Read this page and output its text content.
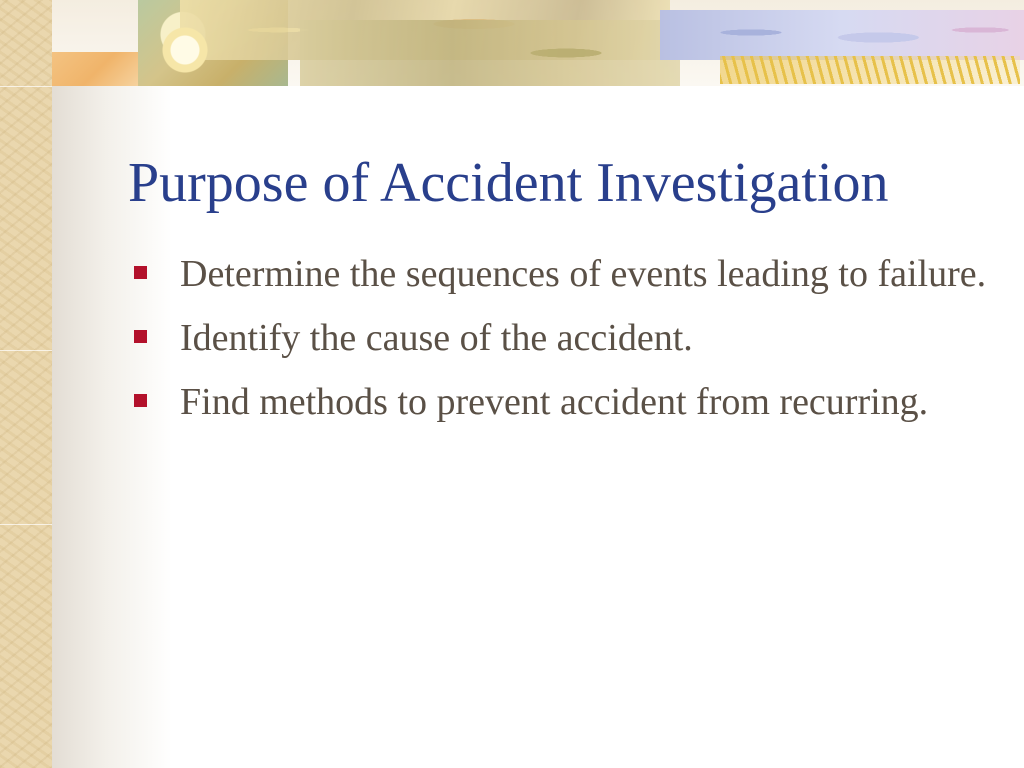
Purpose of Accident Investigation
Determine the sequences of events leading to failure.
Identify the cause of the accident.
Find methods to prevent accident from recurring.
